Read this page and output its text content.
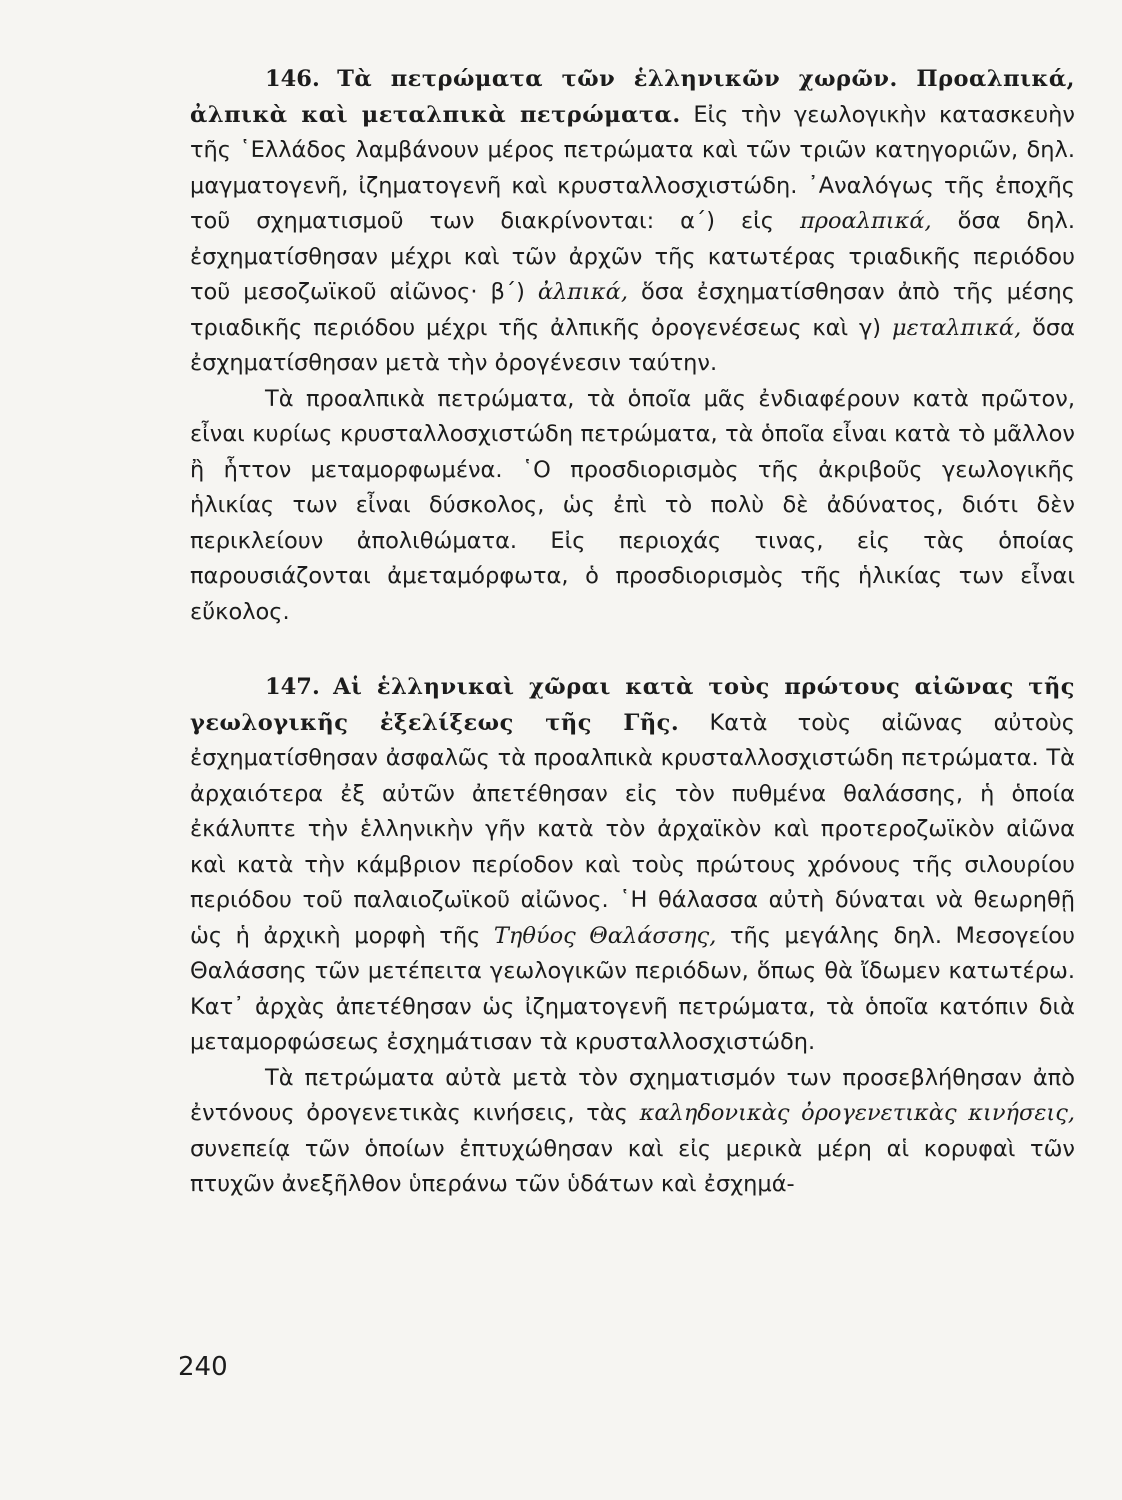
146. Τὰ πετρώματα τῶν ἑλληνικῶν χωρῶν. Προαλπικά, ἀλπικὰ καὶ μεταλπικὰ πετρώματα. Εἰς τὴν γεωλογικὴν κατασκευὴν τῆς ῾Ελλάδος λαμβάνουν μέρος πετρώματα καὶ τῶν τριῶν κατηγοριῶν, δηλ. μαγματογενῆ, ἰζηματογενῆ καὶ κρυσταλλοσχιστώδη. ᾿Αναλόγως τῆς ἐποχῆς τοῦ σχηματισμοῦ των διακρίνονται: α΄) εἰς προαλπικά, ὅσα δηλ. ἐσχηματίσθησαν μέχρι καὶ τῶν ἀρχῶν τῆς κατωτέρας τριαδικῆς περιόδου τοῦ μεσοζωϊκοῦ αἰῶνος· β΄) ἀλπικά, ὅσα ἐσχηματίσθησαν ἀπὸ τῆς μέσης τριαδικῆς περιόδου μέχρι τῆς ἀλπικῆς ὀρογενέσεως καὶ γ) μεταλπικά, ὅσα ἐσχηματίσθησαν μετὰ τὴν ὀρογένεσιν ταύτην.

Τὰ προαλπικὰ πετρώματα, τὰ ὁποῖα μᾶς ἐνδιαφέρουν κατὰ πρῶτον, εἶναι κυρίως κρυσταλλοσχιστώδη πετρώματα, τὰ ὁποῖα εἶναι κατὰ τὸ μᾶλλον ἢ ἧττον μεταμορφωμένα. ῾Ο προσδιορισμὸς τῆς ἀκριβοῦς γεωλογικῆς ἡλικίας των εἶναι δύσκολος, ὡς ἐπὶ τὸ πολὺ δὲ ἀδύνατος, διότι δὲν περικλείουν ἀπολιθώματα. Εἰς περιοχάς τινας, εἰς τὰς ὁποίας παρουσιάζονται ἀμεταμόρφωτα, ὁ προσδιορισμὸς τῆς ἡλικίας των εἶναι εὔκολος.

147. Αἱ ἑλληνικαὶ χῶραι κατὰ τοὺς πρώτους αἰῶνας τῆς γεωλογικῆς ἐξελίξεως τῆς Γῆς. Κατὰ τοὺς αἰῶνας αὐτοὺς ἐσχηματίσθησαν ἀσφαλῶς τὰ προαλπικὰ κρυσταλλοσχιστώδη πετρώματα. Τὰ ἀρχαιότερα ἐξ αὐτῶν ἀπετέθησαν εἰς τὸν πυθμένα θαλάσσης, ἡ ὁποία ἐκάλυπτε τὴν ἑλληνικὴν γῆν κατὰ τὸν ἀρχαϊκὸν καὶ προτεροζωϊκὸν αἰῶνα καὶ κατὰ τὴν κάμβριον περίοδον καὶ τοὺς πρώτους χρόνους τῆς σιλουρίου περιόδου τοῦ παλαιοζωϊκοῦ αἰῶνος. ῾Η θάλασσα αὐτὴ δύναται νὰ θεωρηθῇ ὡς ἡ ἀρχικὴ μορφὴ τῆς Τηθύος Θαλάσσης, τῆς μεγάλης δηλ. Μεσογείου Θαλάσσης τῶν μετέπειτα γεωλογικῶν περιόδων, ὅπως θὰ ἴδωμεν κατωτέρω. Κατ᾿ ἀρχὰς ἀπετέθησαν ὡς ἰζηματογενῆ πετρώματα, τὰ ὁποῖα κατόπιν διὰ μεταμορφώσεως ἐσχημάτισαν τὰ κρυσταλλοσχιστώδη.

Τὰ πετρώματα αὐτὰ μετὰ τὸν σχηματισμόν των προσεβλήθησαν ἀπὸ ἐντόνους ὀρογενετικὰς κινήσεις, τὰς καληδονικὰς ὀρογενετικὰς κινήσεις, συνεπείᾳ τῶν ὁποίων ἐπτυχώθησαν καὶ εἰς μερικὰ μέρη αἱ κορυφαὶ τῶν πτυχῶν ἀνεξῆλθον ὑπεράνω τῶν ὑδάτων καὶ ἐσχημά-

240
